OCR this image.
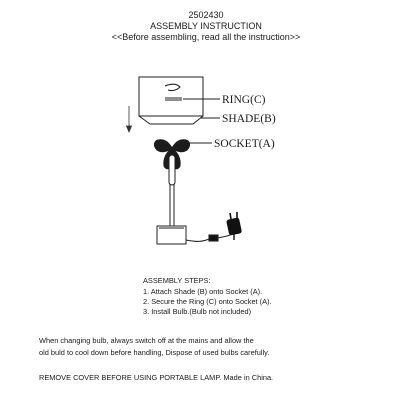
2502430
ASSEMBLY INSTRUCTION
<<Before assembling, read all the instruction>>
RING(C)
SHADE(B)
SOCKET(A)
ASSEMBLY STEPS:
1. Attach Shade (B) onto Socket (A).
2. Secure the Ring (C) onto Socket (A).
3. Install Bulb.(Bulb not included)
When changing bulb, always switch off at the mains and allow the
old buld to cool down before handling, Dispose of used bulbs carefully.
REMOVE COVER BEFORE USING PORTABLE LAMP. Made in China.
